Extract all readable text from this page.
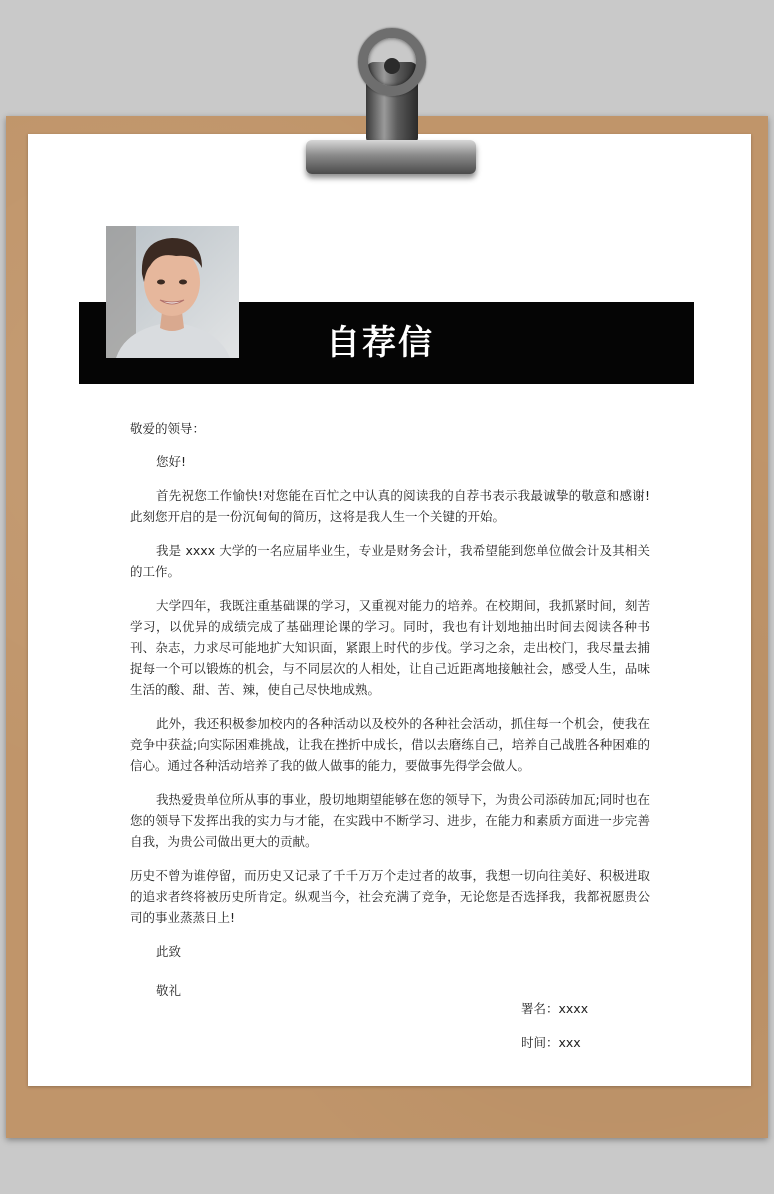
自荐信

敬爱的领导：

您好!

首先祝您工作愉快!对您能在百忙之中认真的阅读我的自荐书表示我最诚挚的敬意和感谢!此刻您开启的是一份沉甸甸的简历，这将是我人生一个关键的开始。

我是 xxxx 大学的一名应届毕业生，专业是财务会计，我希望能到您单位做会计及其相关的工作。

大学四年，我既注重基础课的学习，又重视对能力的培养。在校期间，我抓紧时间，刻苦学习，以优异的成绩完成了基础理论课的学习。同时，我也有计划地抽出时间去阅读各种书刊、杂志，力求尽可能地扩大知识面，紧跟上时代的步伐。学习之余，走出校门，我尽量去捕捉每一个可以锻炼的机会，与不同层次的人相处，让自己近距离地接触社会，感受人生，品味生活的酸、甜、苦、辣，使自己尽快地成熟。

此外，我还积极参加校内的各种活动以及校外的各种社会活动，抓住每一个机会，使我在竞争中获益;向实际困难挑战，让我在挫折中成长，借以去磨练自己，培养自己战胜各种困难的信心。通过各种活动培养了我的做人做事的能力，要做事先得学会做人。

我热爱贵单位所从事的事业，殷切地期望能够在您的领导下，为贵公司添砖加瓦;同时也在您的领导下发挥出我的实力与才能，在实践中不断学习、进步，在能力和素质方面进一步完善自我，为贵公司做出更大的贡献。

历史不曾为谁停留，而历史又记录了千千万万个走过者的故事，我想一切向往美好、积极进取的追求者终将被历史所肯定。纵观当今，社会充满了竞争，无论您是否选择我，我都祝愿贵公司的事业蒸蒸日上!

此致

敬礼

署名：xxxx
时间：xxx
